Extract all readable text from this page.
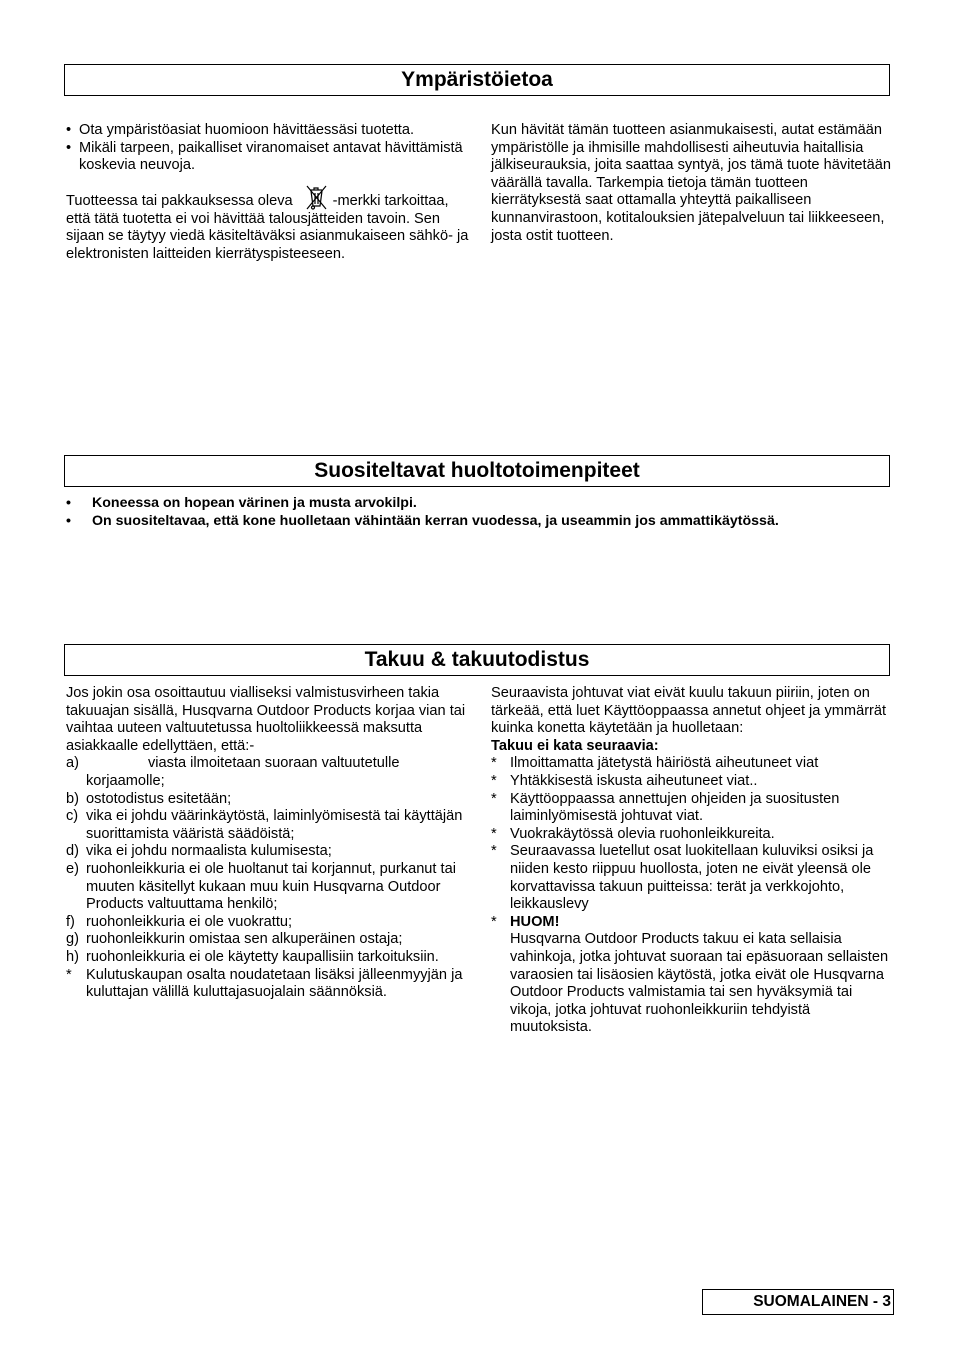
Ympäristöietoa
• Ota ympäristöasiat huomioon hävittäessäsi tuotetta.
• Mikäli tarpeen, paikalliset viranomaiset antavat hävittämistä koskevia neuvoja.

Tuotteessa tai pakkauksessa oleva	-merkki tarkoittaa, että tätä tuotetta ei voi hävittää talousjätteiden tavoin. Sen sijaan se täytyy viedä käsiteltäväksi asianmukaiseen sähkö- ja elektronisten laitteiden kierrätyspisteeseen.

Kun hävität tämän tuotteen asianmukaisesti, autat estämään ympäristölle ja ihmisille mahdollisesti aiheutuvia haitallisia jälkiseurauksia, joita saattaa syntyä, jos tämä tuote hävitetään väärällä tavalla. Tarkempia tietoja tämän tuotteen kierrätyksestä saat ottamalla yhteyttä paikalliseen kunnanvirastoon, kotitalouksien jätepalveluun tai liikkeeseen, josta ostit tuotteen.

Suositeltavat huoltotoimenpiteet
• Koneessa on hopean värinen ja musta arvokilpi.
• On suositeltavaa, että kone huolletaan vähintään kerran vuodessa, ja useammin jos ammattikäytössä.
Takuu & takuutodistus

Jos jokin osa osoittautuu vialliseksi valmistusvirheen takia takuuajan sisällä, Husqvarna Outdoor Products korjaa vian tai vaihtaa uuteen valtuutetussa huoltoliikkeessä maksutta asiakkaalle edellyttäen, että:-

a)	viasta ilmoitetaan suoraan valtuutetulle korjaamolle;
b) ostotodistus esitetään;
c) vika ei johdu väärinkäytöstä, laiminlyömisestä tai käyttäjän suorittamista vääristä säädöistä;
d) vika ei johdu normaalista kulumisesta;
e) ruohonleikkuria ei ole huoltanut tai korjannut, purkanut tai muuten käsitellyt kukaan muu kuin Husqvarna Outdoor Products valtuuttama henkilö;
f) ruohonleikkuria ei ole vuokrattu;
g) ruohonleikkurin omistaa sen alkuperäinen ostaja;
h) ruohonleikkuria ei ole käytetty kaupallisiin tarkoituksiin.
* Kulutuskaupan osalta noudatetaan lisäksi jälleenmyyjän ja kuluttajan välillä kuluttajasuojalain säännöksiä.

Seuraavista johtuvat viat eivät kuulu takuun piiriin, joten on tärkeää, että luet Käyttöoppaassa annetut ohjeet ja ymmärrät kuinka konetta käytetään ja huolletaan:

Takuu ei kata seuraavia:

* Ilmoittamatta jätetystä häiriöstä aiheutuneet viat
* Yhtäkkisestä iskusta aiheutuneet viat..
* Käyttöoppaassa annettujen ohjeiden ja suositusten laiminlyömisestä johtuvat viat.
* Vuokrakäytössä olevia ruohonleikkureita.
* Seuraavassa luetellut osat luokitellaan kuluviksi osiksi ja niiden kesto riippuu huollosta, joten ne eivät yleensä ole korvattavissa takuun puitteissa: terät ja verkkojohto, leikkauslevy
* HUOM!
Husqvarna Outdoor Products takuu ei kata sellaisia vahinkoja, jotka johtuvat suoraan tai epäsuoraan sellaisten varaosien tai lisäosien käytöstä, jotka eivät ole Husqvarna Outdoor Products valmistamia tai sen hyväksymiä tai vikoja, jotka johtuvat ruohonleikkuriin tehdyistä muutoksista.
SUOMALAINEN - 3
